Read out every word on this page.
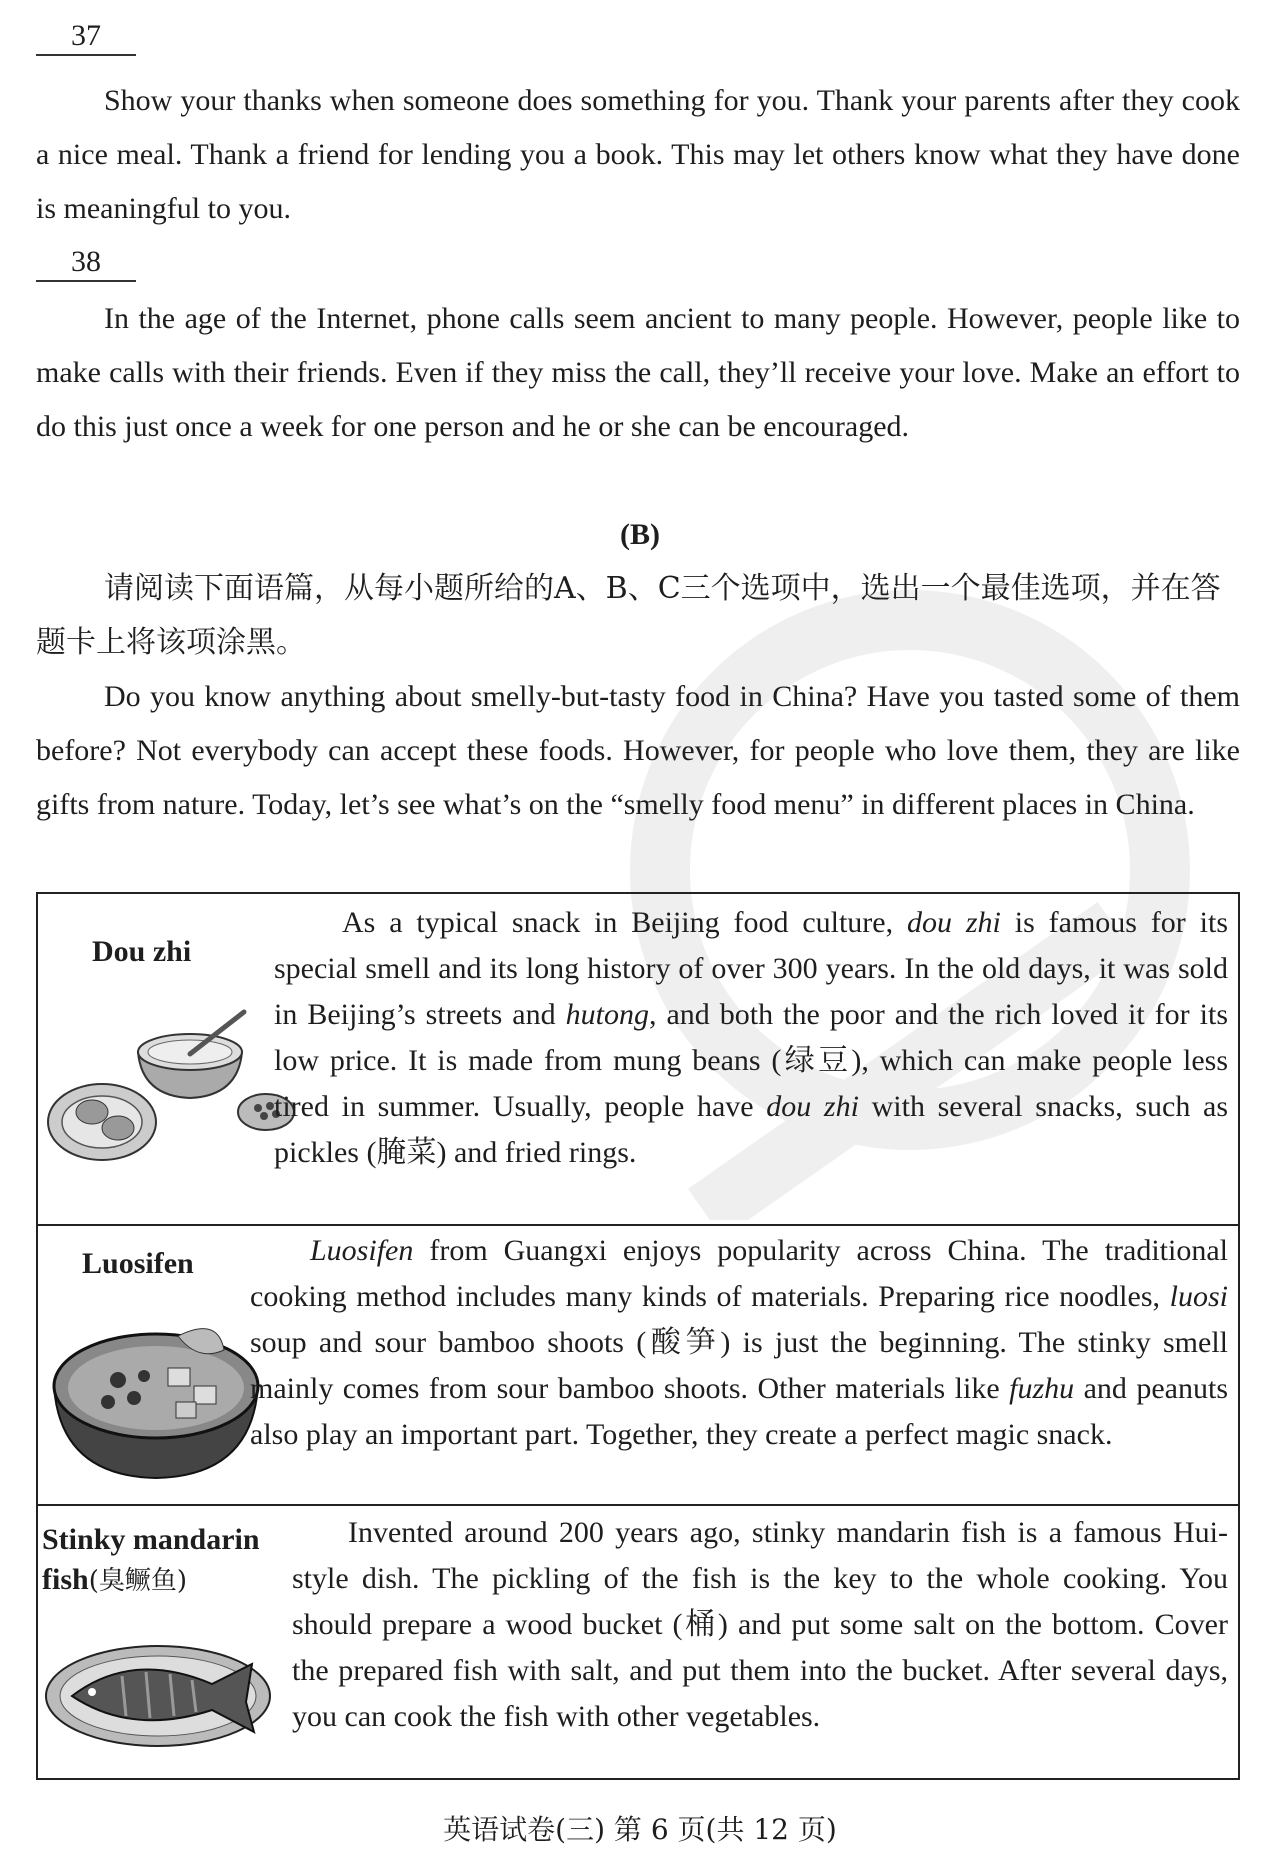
37

Show your thanks when someone does something for you. Thank your parents after they cook a nice meal. Thank a friend for lending you a book. This may let others know what they have done is meaningful to you.

38

In the age of the Internet, phone calls seem ancient to many people. However, people like to make calls with their friends. Even if they miss the call, they’ll receive your love. Make an effort to do this just once a week for one person and he or she can be encouraged.

(B)

请阅读下面语篇，从每小题所给的A、B、C三个选项中，选出一个最佳选项，并在答题卡上将该项涂黑。

Do you know anything about smelly-but-tasty food in China? Have you tasted some of them before? Not everybody can accept these foods. However, for people who love them, they are like gifts from nature. Today, let’s see what’s on the “smelly food menu” in different places in China.

Dou zhi

As a typical snack in Beijing food culture, dou zhi is famous for its special smell and its long history of over 300 years. In the old days, it was sold in Beijing’s streets and hutong, and both the poor and the rich loved it for its low price. It is made from mung beans (绿豆), which can make people less tired in summer. Usually, people have dou zhi with several snacks, such as pickles (腌菜) and fried rings.

Luosifen	Luosifen from Guangxi enjoys popularity across China. The traditional cooking method includes many kinds of materials. Preparing rice noodles, luosi soup and sour bamboo shoots (酸笋) is just the beginning. The stinky smell mainly comes from sour bamboo shoots. Other materials like fuzhu and peanuts also play an important part. Together, they create a perfect magic snack.

Stinky mandarin fish(臭鳜鱼)

Invented around 200 years ago, stinky mandarin fish is a famous Hui-style dish. The pickling of the fish is the key to the whole cooking. You should prepare a wood bucket (桶) and put some salt on the bottom. Cover the prepared fish with salt, and put them into the bucket. After several days, you can cook the fish with other vegetables.

英语试卷(三) 第 6 页(共 12 页)
